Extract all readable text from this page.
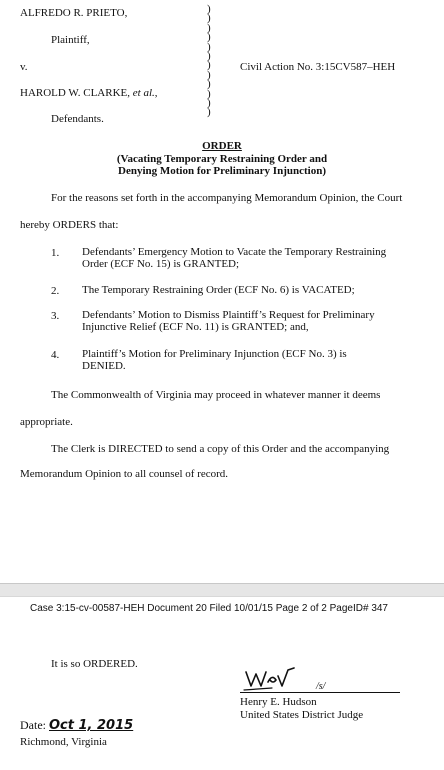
ALFREDO R. PRIETO,
Plaintiff,
v.	Civil Action No. 3:15CV587–HEH
HAROLD W. CLARKE, et al.,
Defendants.
)
)
)
)
)
)
)
)
)
)
)
)
ORDER
(Vacating Temporary Restraining Order and
Denying Motion for Preliminary Injunction)
For the reasons set forth in the accompanying Memorandum Opinion, the Court
hereby ORDERS that:
1. Defendants’ Emergency Motion to Vacate the Temporary Restraining Order (ECF No. 15) is GRANTED;
2. The Temporary Restraining Order (ECF No. 6) is VACATED;
3. Defendants’ Motion to Dismiss Plaintiff’s Request for Preliminary Injunctive Relief (ECF No. 11) is GRANTED; and,
4. Plaintiff’s Motion for Preliminary Injunction (ECF No. 3) is DENIED.
The Commonwealth of Virginia may proceed in whatever manner it deems
appropriate.
The Clerk is DIRECTED to send a copy of this Order and the accompanying
Memorandum Opinion to all counsel of record.
Case 3:15-cv-00587-HEH Document 20 Filed 10/01/15 Page 2 of 2 PageID# 347
It is so ORDERED.
/s/
Henry E. Hudson
United States District Judge
Date: Oct 1, 2015
Richmond, Virginia
